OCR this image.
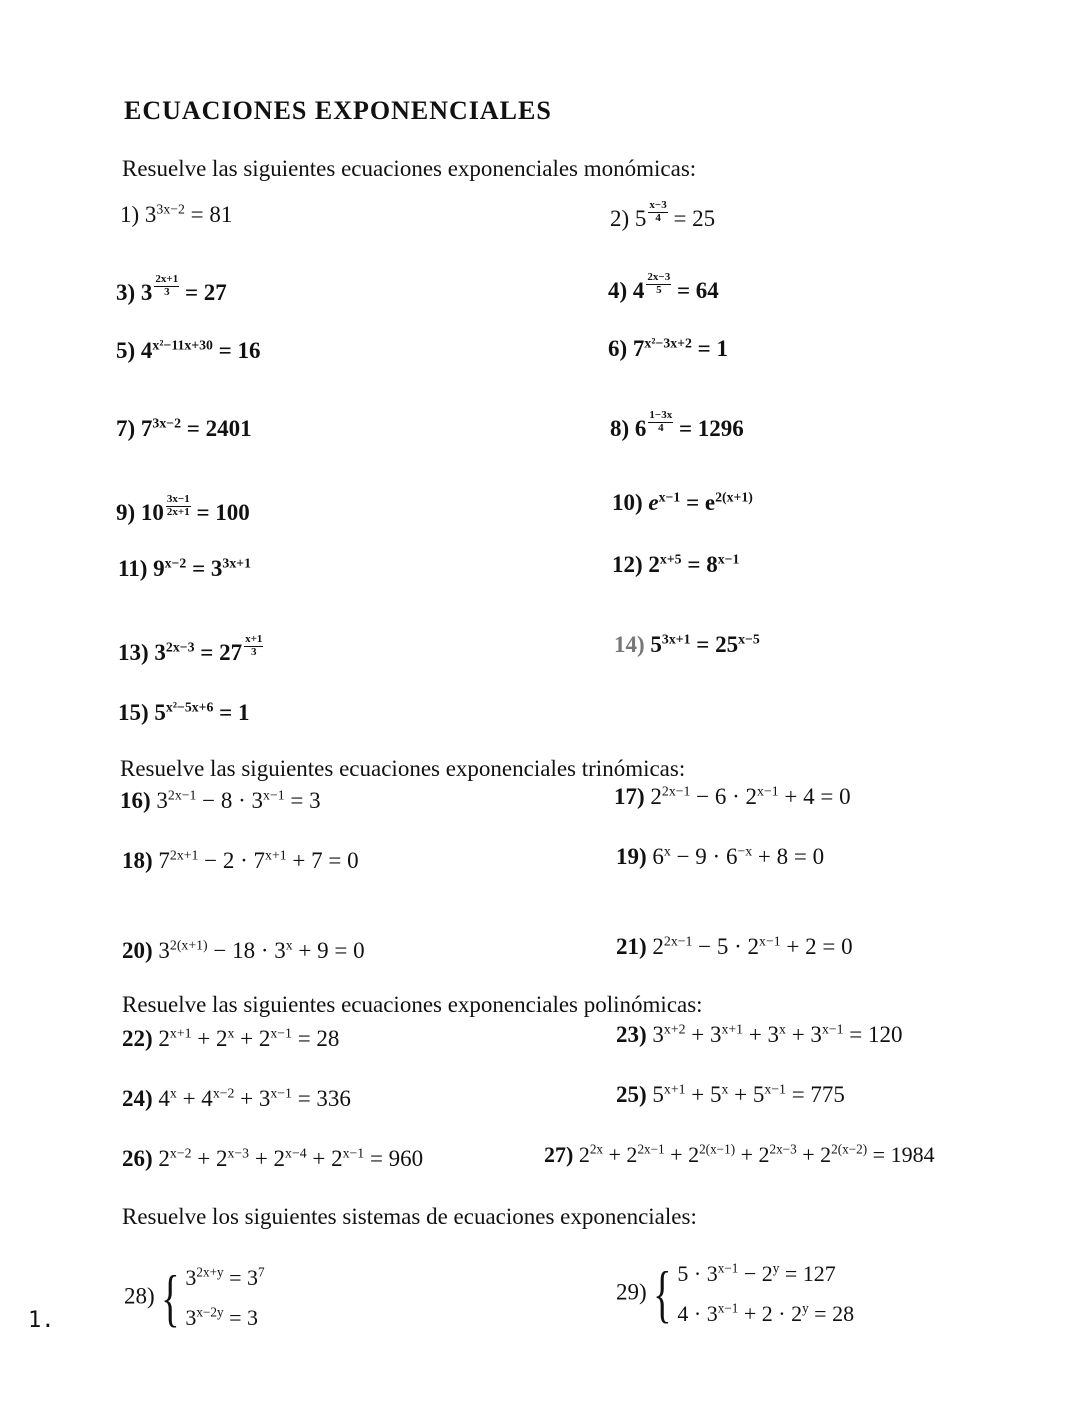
ECUACIONES EXPONENCIALES
Resuelve las siguientes ecuaciones exponenciales monómicas:
1) $3^{3x-2} = 81$	2) $5 \frac{x-3}{4} = 25$
3) $3 \frac{2x+1}{3} = 27$	4) $4 \frac{2x-3}{5} = 64$
5) $4^{x^2-11x+30} = 16$	6) $7^{x^2-3x+2} = 1$
7) $7^{3x-2} = 2401$	8) $6 \frac{1-3x}{4} = 1296$
9) $10 \frac{3x-1}{2x+1} = 100$	10) $e^{x-1} = e^{2(x+1)}$
11) $9^{x-2} = 3^{3x+1}$	12) $2^{x+5} = 8^{x-1}$
13) $3^{2x-3} = 27 \frac{x+1}{3}$	14) $5^{3x+1} = 25^{x-5}$
15) $5^{x^2-5x+6} = 1$
Resuelve las siguientes ecuaciones exponenciales trinómicas:
16) $3^{2x-1} - 8 \cdot 3^{x-1} = 3$	17) $2^{2x-1} - 6 \cdot 2^{x-1} + 4 = 0$
18) $7^{2x+1} - 2 \cdot 7^{x+1} + 7 = 0$	19) $6^x - 9 \cdot 6^{-x} + 8 = 0$
20) $3^{2(x+1)} - 18 \cdot 3^x + 9 = 0$	21) $2^{2x-1} - 5 \cdot 2^{x-1} + 2 = 0$
Resuelve las siguientes ecuaciones exponenciales polinómicas:
22) $2^{x+1} + 2^x + 2^{x-1} = 28$	23) $3^{x+2} + 3^{x+1} + 3^x + 3^{x-1} = 120$
24) $4^x + 4^{x-2} + 3^{x-1} = 336$	25) $5^{x+1} + 5^x + 5^{x-1} = 775$
26) $2^{x-2} + 2^{x-3} + 2^{x-4} + 2^{x-1} = 960$	27) $2^{2x} + 2^{2x-1} + 2^{2(x-1)} + 2^{2x-3} + 2^{2(x-2)} = 1984$
Resuelve los siguientes sistemas de ecuaciones exponenciales:
28){ $3^{2x+y} = 3^7$
$3^{x-2y} = 3$
29){ $5 \cdot 3^{x-1} - 2^y = 127$
$4 \cdot 3^{x-1} + 2 \cdot 2^y = 28$
1.
